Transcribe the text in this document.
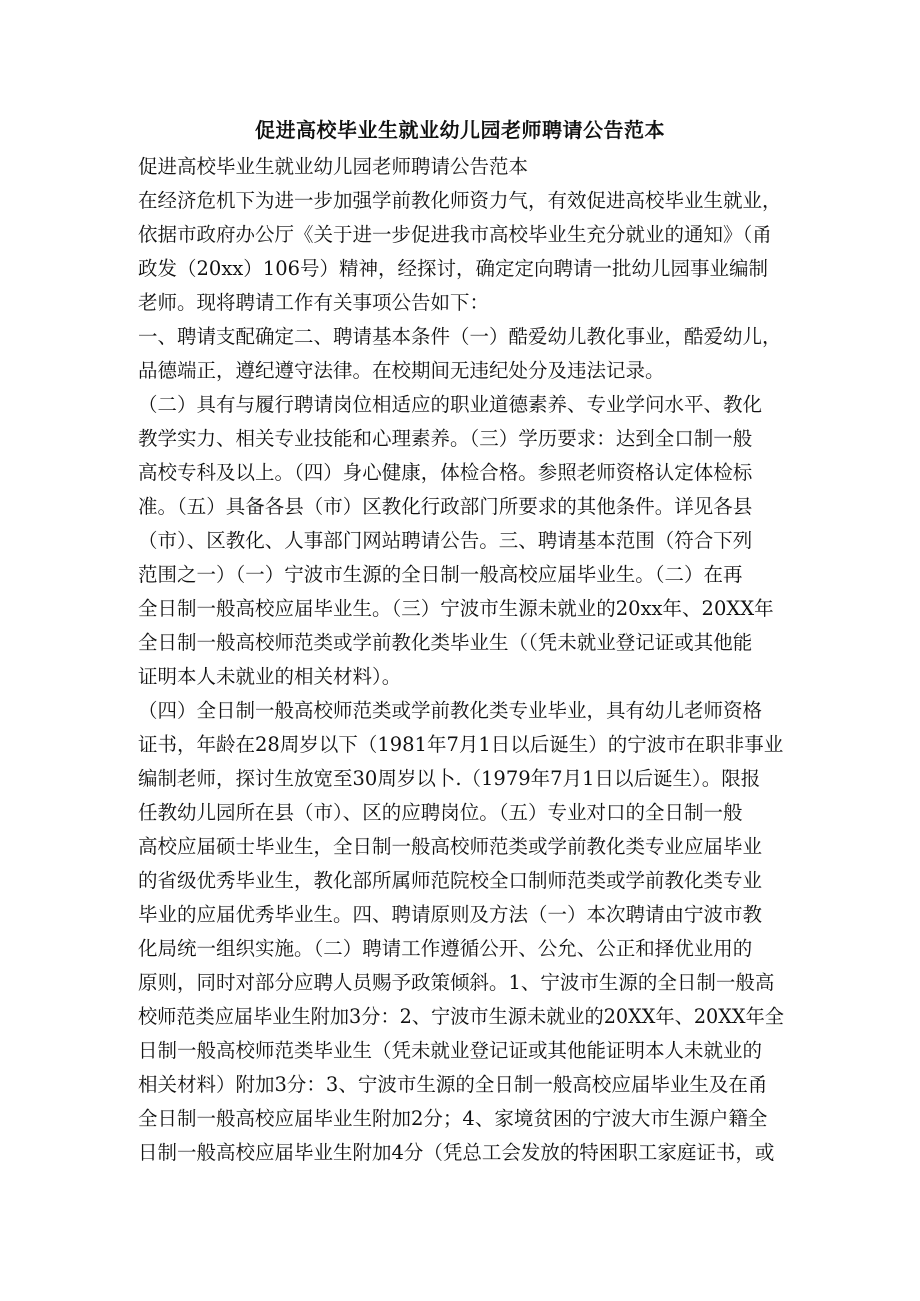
促进高校毕业生就业幼儿园老师聘请公告范本
促进高校毕业生就业幼儿园老师聘请公告范本
在经济危机下为进一步加强学前教化师资力气，有效促进高校毕业生就业，
依据市政府办公厅《关于进一步促进我市高校毕业生充分就业的通知》（甬
政发（20xx）106号）精神，经探讨，确定定向聘请一批幼儿园事业编制
老师。现将聘请工作有关事项公告如下：
一、聘请支配确定二、聘请基本条件（一）酷爱幼儿教化事业，酷爱幼儿，
品德端正，遵纪遵守法律。在校期间无违纪处分及违法记录。
（二）具有与履行聘请岗位相适应的职业道德素养、专业学问水平、教化
教学实力、相关专业技能和心理素养。（三）学历要求：达到全口制一般
高校专科及以上。（四）身心健康，体检合格。参照老师资格认定体检标
准。（五）具备各县（市）区教化行政部门所要求的其他条件。详见各县
（市）、区教化、人事部门网站聘请公告。三、聘请基本范围（符合下列
范围之一）（一）宁波市生源的全日制一般高校应届毕业生。（二）在再
全日制一般高校应届毕业生。（三）宁波市生源未就业的20xx年、20XX年
全日制一般高校师范类或学前教化类毕业生（（凭未就业登记证或其他能
证明本人未就业的相关材料）。
（四）全日制一般高校师范类或学前教化类专业毕业，具有幼儿老师资格
证书，年龄在28周岁以下（1981年7月1日以后诞生）的宁波市在职非事业
编制老师，探讨生放宽至30周岁以卜.（1979年7月1日以后诞生）。限报
任教幼儿园所在县（市）、区的应聘岗位。（五）专业对口的全日制一般
高校应届硕士毕业生，全日制一般高校师范类或学前教化类专业应届毕业
的省级优秀毕业生，教化部所属师范院校全口制师范类或学前教化类专业
毕业的应届优秀毕业生。四、聘请原则及方法（一）本次聘请由宁波市教
化局统一组织实施。（二）聘请工作遵循公开、公允、公正和择优业用的
原则，同时对部分应聘人员赐予政策倾斜。1、宁波市生源的全日制一般高
校师范类应届毕业生附加3分：2、宁波市生源未就业的20XX年、20XX年全
日制一般高校师范类毕业生（凭未就业登记证或其他能证明本人未就业的
相关材料）附加3分：3、宁波市生源的全日制一般高校应届毕业生及在甬
全日制一般高校应届毕业生附加2分；4、家境贫困的宁波大市生源户籍全
日制一般高校应届毕业生附加4分（凭总工会发放的特困职工家庭证书，或
